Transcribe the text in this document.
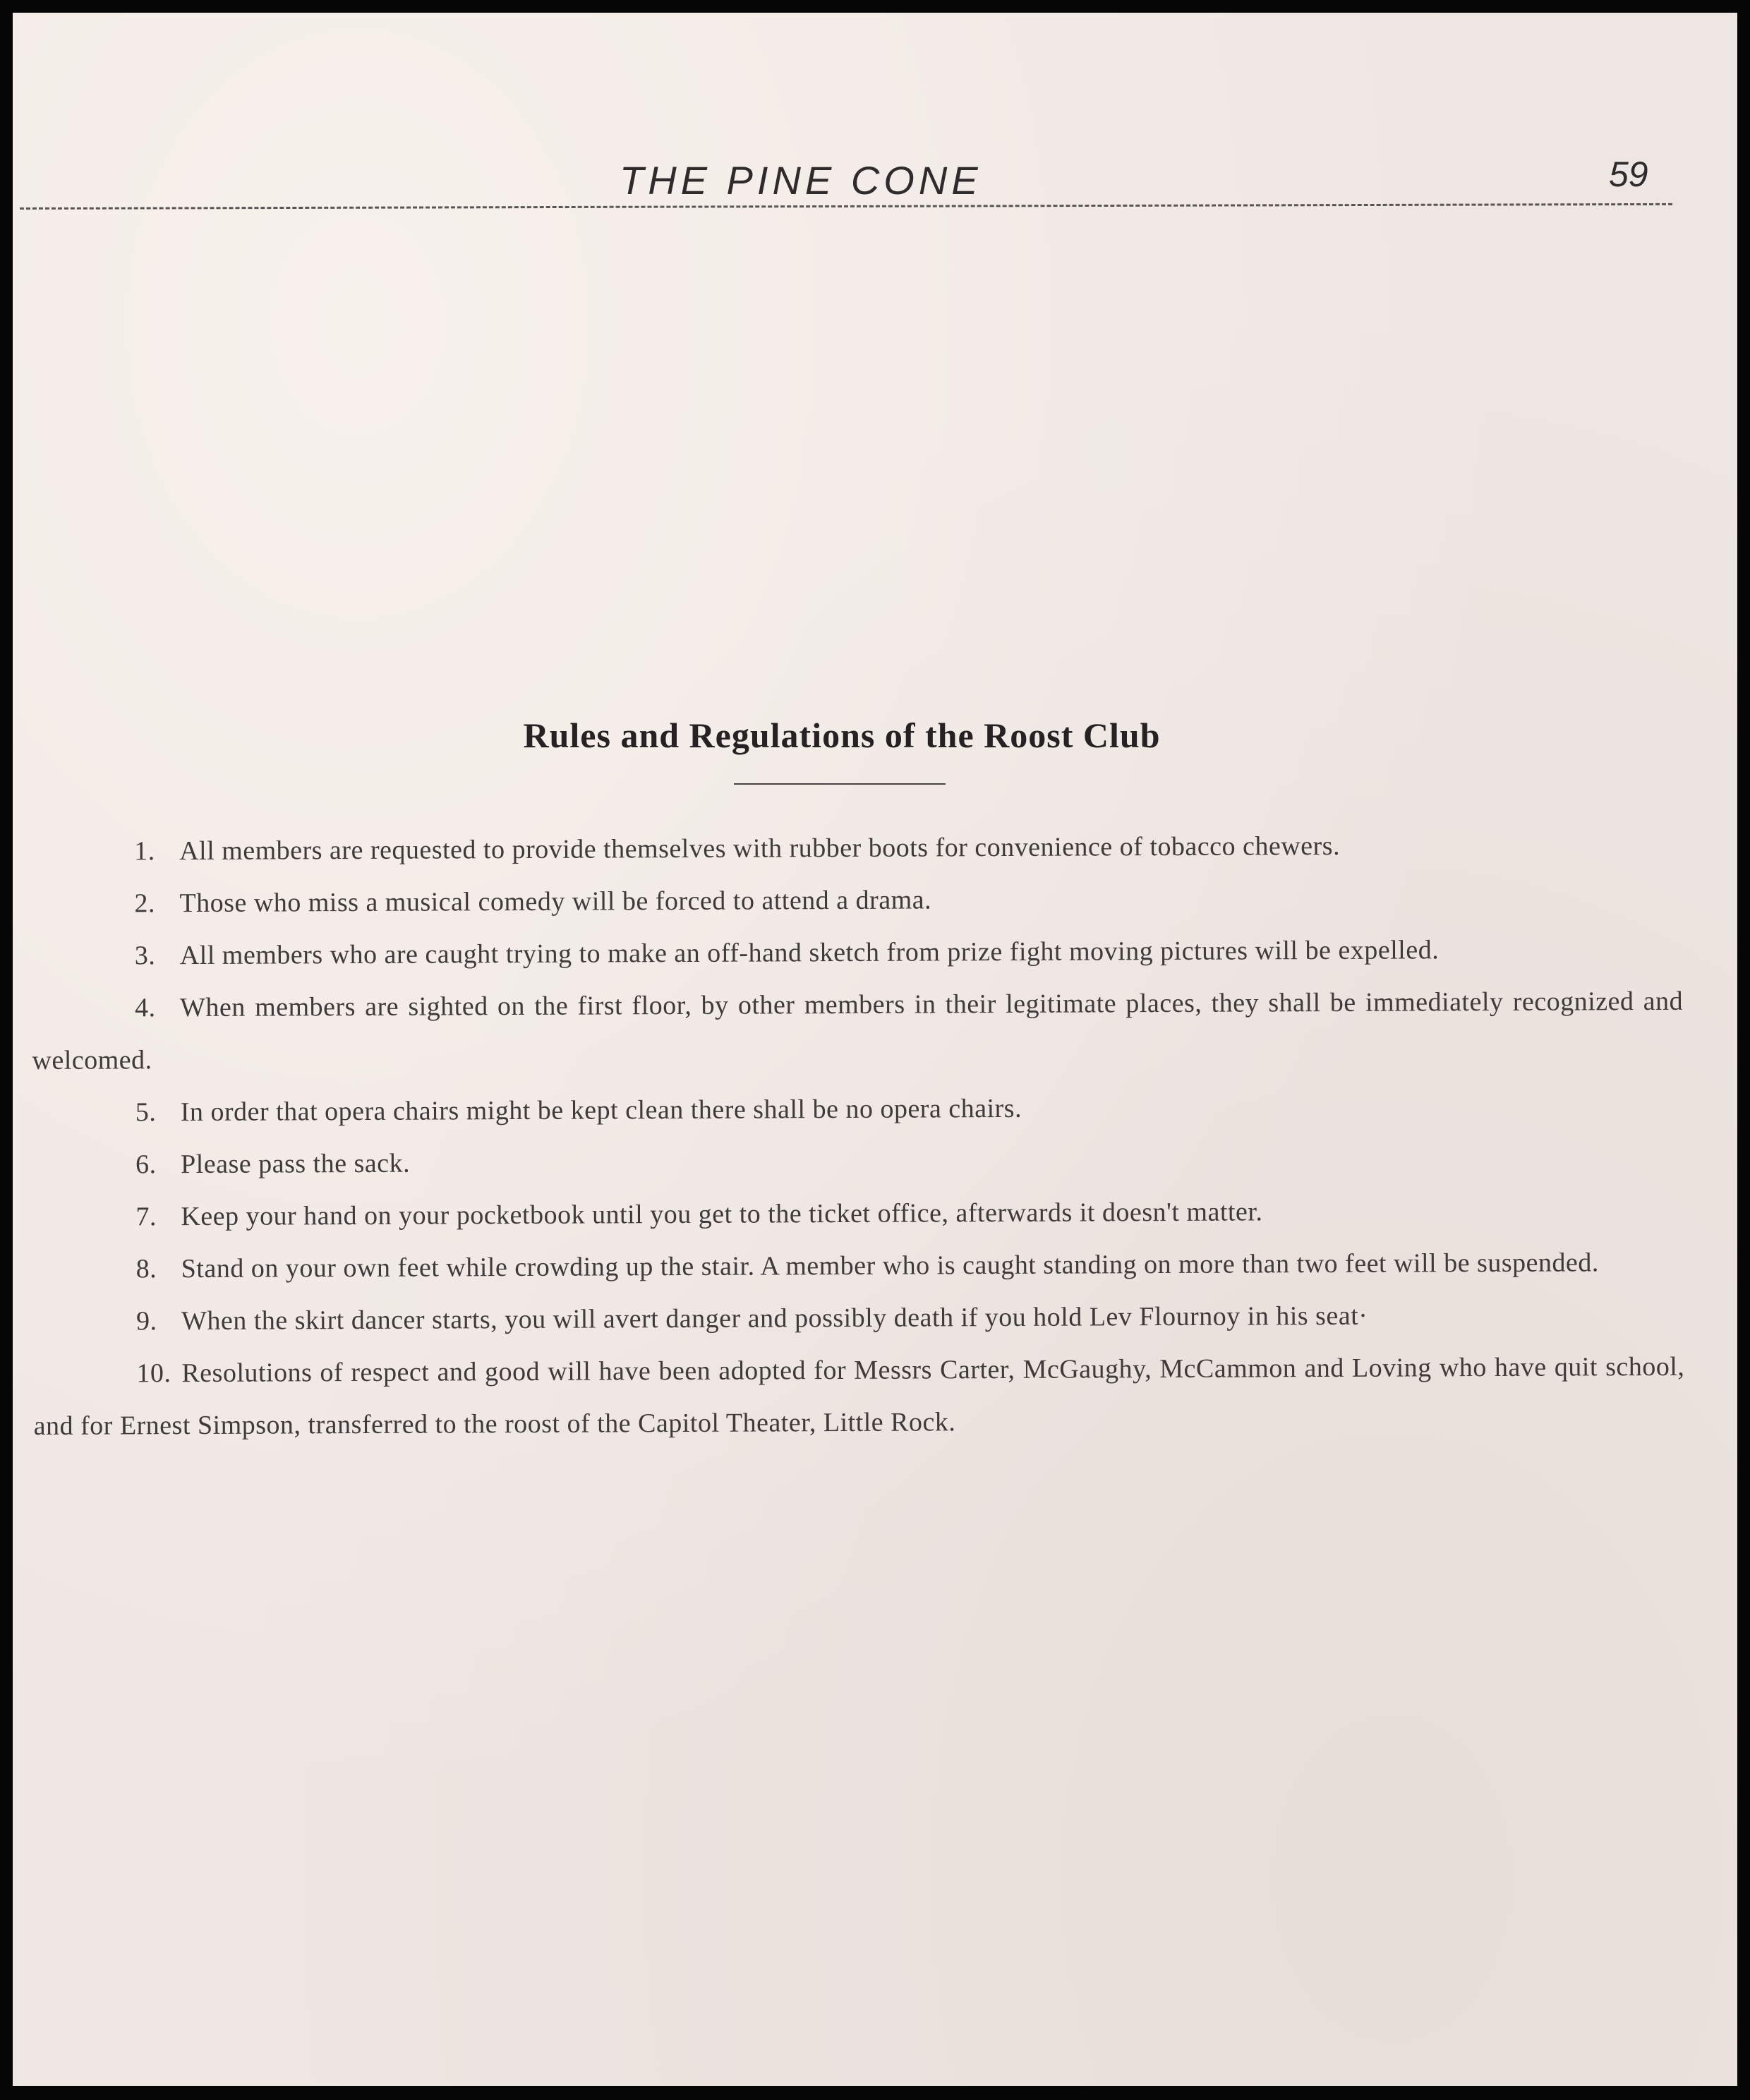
THE PINE CONE	59
Rules and Regulations of the Roost Club

1. All members are requested to provide themselves with rubber boots for convenience of tobacco chewers.

2. Those who miss a musical comedy will be forced to attend a drama.

3. All members who are caught trying to make an off-hand sketch from prize fight moving pictures will be expelled.

4. When members are sighted on the first floor, by other members in their legitimate places, they shall be immediately recognized and welcomed.

5. In order that opera chairs might be kept clean there shall be no opera chairs.

6. Please pass the sack.

7. Keep your hand on your pocketbook until you get to the ticket office, afterwards it doesn't matter.

8. Stand on your own feet while crowding up the stair. A member who is caught standing on more than two feet will be suspended.

9. When the skirt dancer starts, you will avert danger and possibly death if you hold Lev Flournoy in his seat·

10. Resolutions of respect and good will have been adopted for Messrs Carter, McGaughy, McCammon and Loving who have quit school, and for Ernest Simpson, transferred to the roost of the Capitol Theater, Little Rock.
